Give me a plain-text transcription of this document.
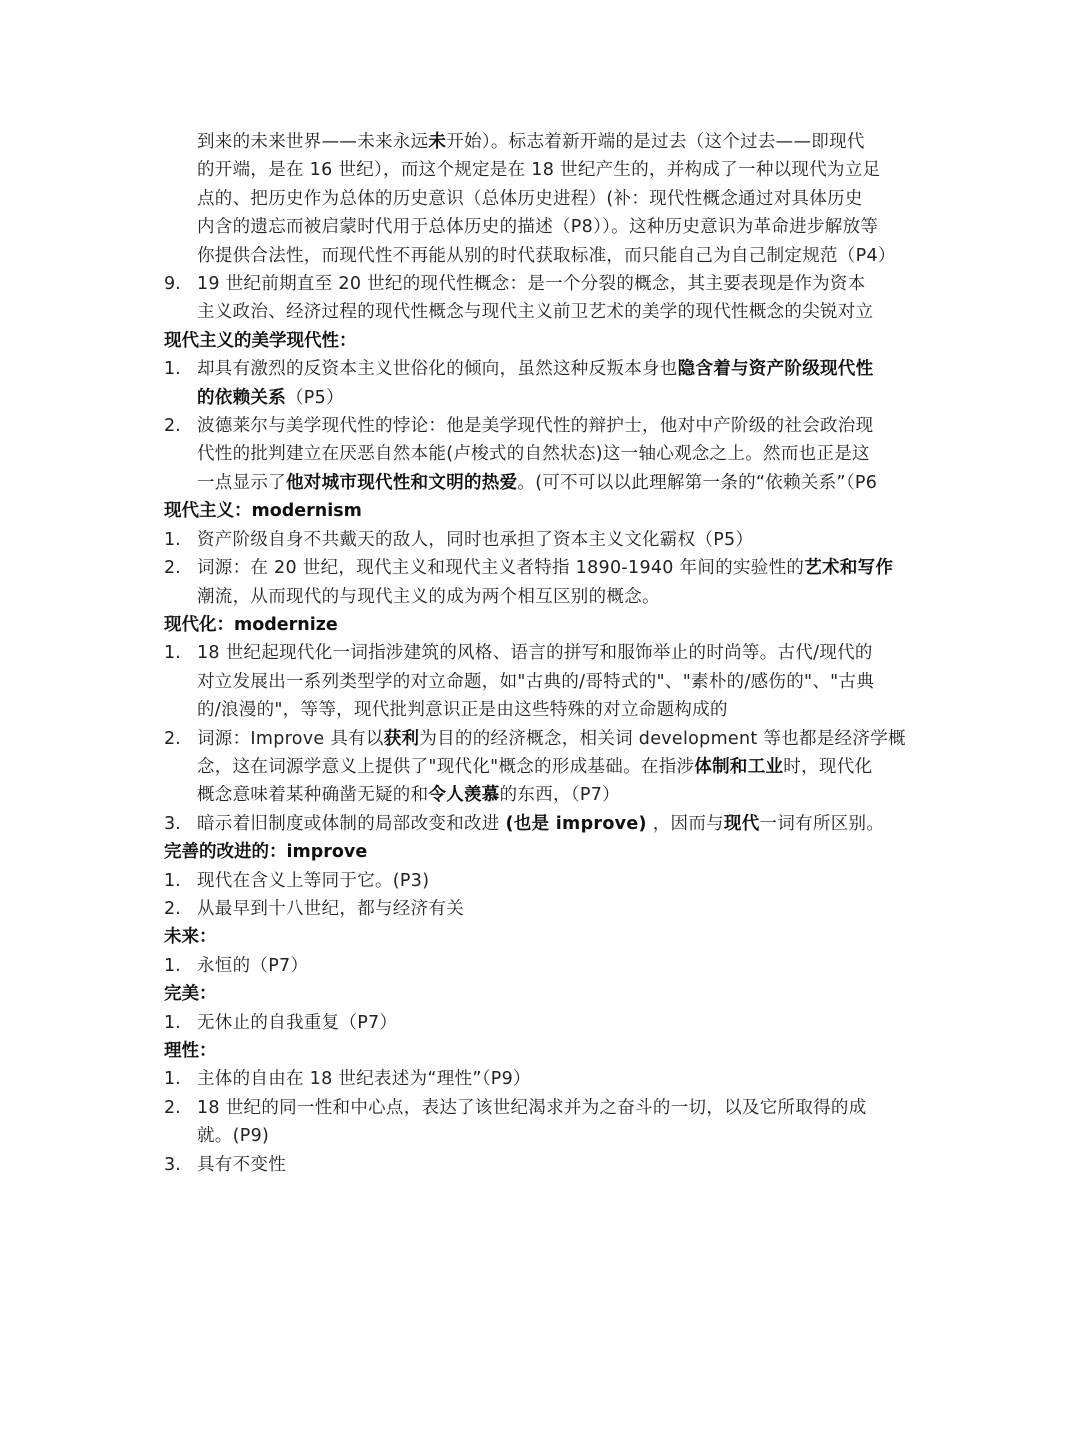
到来的未来世界——未来永远未开始）。标志着新开端的是过去（这个过去——即现代
的开端，是在 16 世纪），而这个规定是在 18 世纪产生的，并构成了一种以现代为立足
点的、把历史作为总体的历史意识（总体历史进程）(补：现代性概念通过对具体历史
内含的遗忘而被启蒙时代用于总体历史的描述（P8））。这种历史意识为革命进步解放等
你提供合法性，而现代性不再能从别的时代获取标准，而只能自己为自己制定规范（P4）
9. 19 世纪前期直至 20 世纪的现代性概念：是一个分裂的概念，其主要表现是作为资本
主义政治、经济过程的现代性概念与现代主义前卫艺术的美学的现代性概念的尖锐对立
现代主义的美学现代性：
1. 却具有激烈的反资本主义世俗化的倾向，虽然这种反叛本身也隐含着与资产阶级现代性
的依赖关系（P5）
2. 波德莱尔与美学现代性的悖论：他是美学现代性的辩护士，他对中产阶级的社会政治现
代性的批判建立在厌恶自然本能(卢梭式的自然状态)这一轴心观念之上。然而也正是这
一点显示了他对城市现代性和文明的热爱。(可不可以以此理解第一条的“依赖关系”（P6
现代主义：modernism
1. 资产阶级自身不共戴天的敌人，同时也承担了资本主义文化霸权（P5）
2. 词源：在 20 世纪，现代主义和现代主义者特指 1890-1940 年间的实验性的艺术和写作
潮流，从而现代的与现代主义的成为两个相互区别的概念。
现代化：modernize
1. 18 世纪起现代化一词指涉建筑的风格、语言的拼写和服饰举止的时尚等。古代/现代的
对立发展出一系列类型学的对立命题，如"古典的/哥特式的"、"素朴的/感伤的"、"古典
的/浪漫的"，等等，现代批判意识正是由这些特殊的对立命题构成的
2. 词源：Improve 具有以获利为目的的经济概念，相关词 development 等也都是经济学概
念，这在词源学意义上提供了"现代化"概念的形成基础。在指涉体制和工业时，现代化
概念意味着某种确凿无疑的和令人羡慕的东西，（P7）
3. 暗示着旧制度或体制的局部改变和改进 (也是 improve) ，因而与现代一词有所区别。
完善的改进的：improve
1. 现代在含义上等同于它。(P3)
2. 从最早到十八世纪，都与经济有关
未来：
1. 永恒的（P7）
完美：
1. 无休止的自我重复（P7）
理性：
1. 主体的自由在 18 世纪表述为“理性”（P9）
2. 18 世纪的同一性和中心点，表达了该世纪渴求并为之奋斗的一切，以及它所取得的成
就。(P9)
3. 具有不变性
